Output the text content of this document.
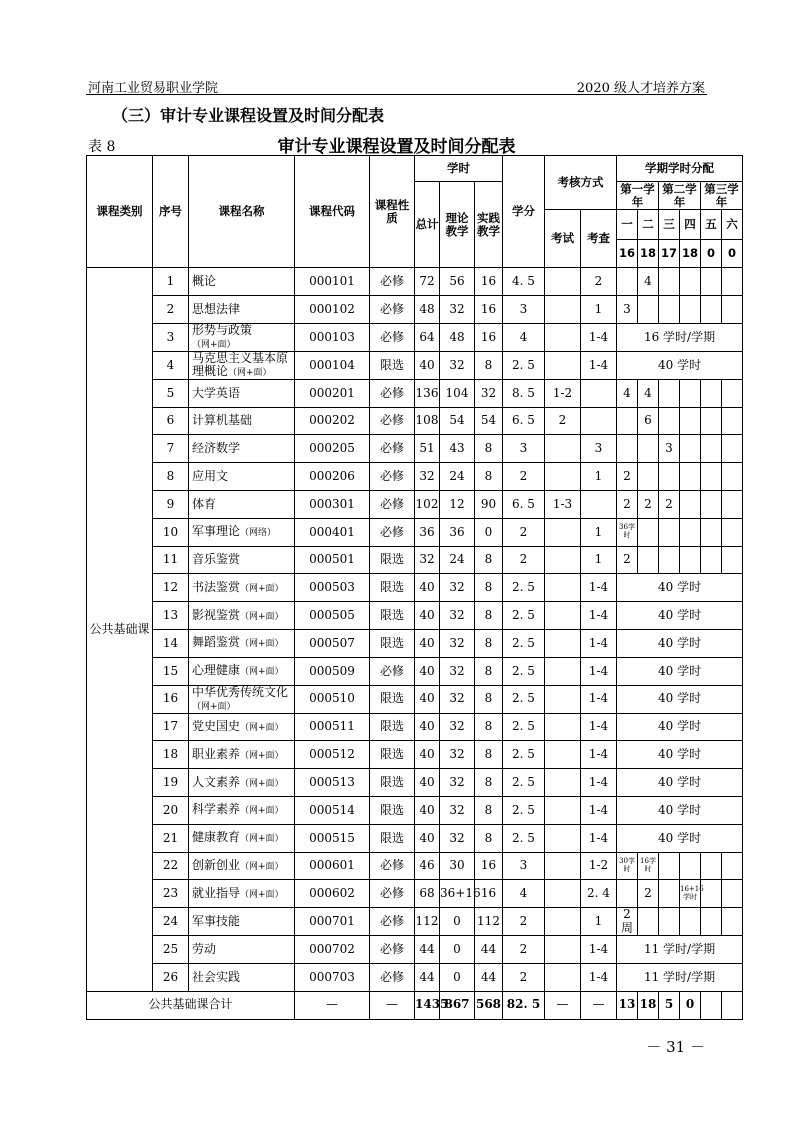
河南工业贸易职业学院	2020 级人才培养方案
（三）审计专业课程设置及时间分配表
表 8	审计专业课程设置及时间分配表
课程类别	序号	课程名称	课程代码	课程性质	学时			学分	考核方式		学期学时分配					
					总计	理论教学	实践教学				第一学年		第二学年		第三学年	
									考试	考查	一	二	三	四	五	六
											16	18	17	18	0	0
公共基础课	1	概论	000101	必修	72	56	16	4. 5		2		4				
	2	思想法律	000102	必修	48	32	16	3		1	3					
	3	形势与政策（网+面）	000103	必修	64	48	16	4		1-4	16 学时/学期					
	4	马克思主义基本原理概论（网+面）	000104	限选	40	32	8	2. 5		1-4	40 学时					
	5	大学英语	000201	必修	136	104	32	8. 5	1-2		4	4				
	6	计算机基础	000202	必修	108	54	54	6. 5	2			6				
	7	经济数学	000205	必修	51	43	8	3		3			3			
	8	应用文	000206	必修	32	24	8	2		1	2					
	9	体育	000301	必修	102	12	90	6. 5	1-3		2	2	2			
	10	军事理论（网络）	000401	必修	36	36	0	2		1	36学时					
	11	音乐鉴赏	000501	限选	32	24	8	2		1	2					
	12	书法鉴赏（网+面）	000503	限选	40	32	8	2. 5		1-4	40 学时					
	13	影视鉴赏（网+面）	000505	限选	40	32	8	2. 5		1-4	40 学时					
	14	舞蹈鉴赏（网+面）	000507	限选	40	32	8	2. 5		1-4	40 学时					
	15	心理健康（网+面）	000509	必修	40	32	8	2. 5		1-4	40 学时					
	16	中华优秀传统文化（网+面）	000510	限选	40	32	8	2. 5		1-4	40 学时					
	17	党史国史（网+面）	000511	限选	40	32	8	2. 5		1-4	40 学时					
	18	职业素养（网+面）	000512	限选	40	32	8	2. 5		1-4	40 学时					
	19	人文素养（网+面）	000513	限选	40	32	8	2. 5		1-4	40 学时					
	20	科学素养（网+面）	000514	限选	40	32	8	2. 5		1-4	40 学时					
	21	健康教育（网+面）	000515	限选	40	32	8	2. 5		1-4	40 学时					
	22	创新创业（网+面）	000601	必修	46	30	16	3		1-2	30学时	16学时				
	23	就业指导（网+面）	000602	必修	68	36+16	16	4		2. 4		2		16+16学时		
	24	军事技能	000701	必修	112	0	112	2		1	2 周					
	25	劳动	000702	必修	44	0	44	2		1-4	11 学时/学期					
	26	社会实践	000703	必修	44	0	44	2		1-4	11 学时/学期					
公共基础课合计			—	—	1435	867	568	82. 5	—	—	13	18	5	0		
－ 31 －
